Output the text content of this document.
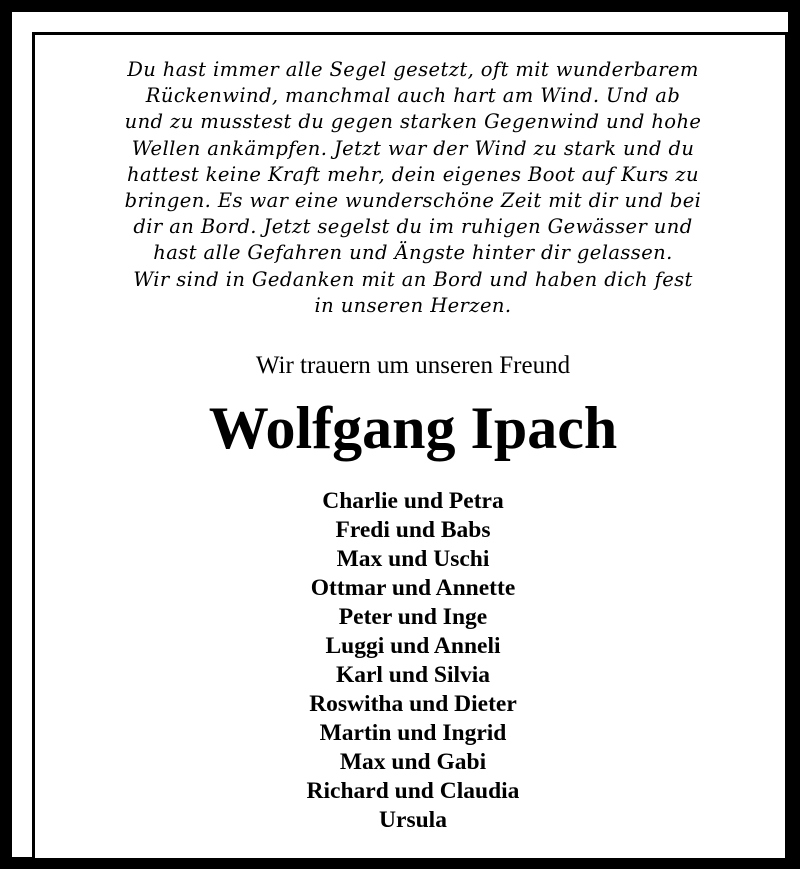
Du hast immer alle Segel gesetzt, oft mit wunderbarem
Rückenwind, manchmal auch hart am Wind. Und ab
und zu musstest du gegen starken Gegenwind und hohe
Wellen ankämpfen. Jetzt war der Wind zu stark und du
hattest keine Kraft mehr, dein eigenes Boot auf Kurs zu
bringen. Es war eine wunderschöne Zeit mit dir und bei
dir an Bord. Jetzt segelst du im ruhigen Gewässer und
hast alle Gefahren und Ängste hinter dir gelassen.
Wir sind in Gedanken mit an Bord und haben dich fest
in unseren Herzen.
Wir trauern um unseren Freund
Wolfgang Ipach
Charlie und Petra
Fredi und Babs
Max und Uschi
Ottmar und Annette
Peter und Inge
Luggi und Anneli
Karl und Silvia
Roswitha und Dieter
Martin und Ingrid
Max und Gabi
Richard und Claudia
Ursula
